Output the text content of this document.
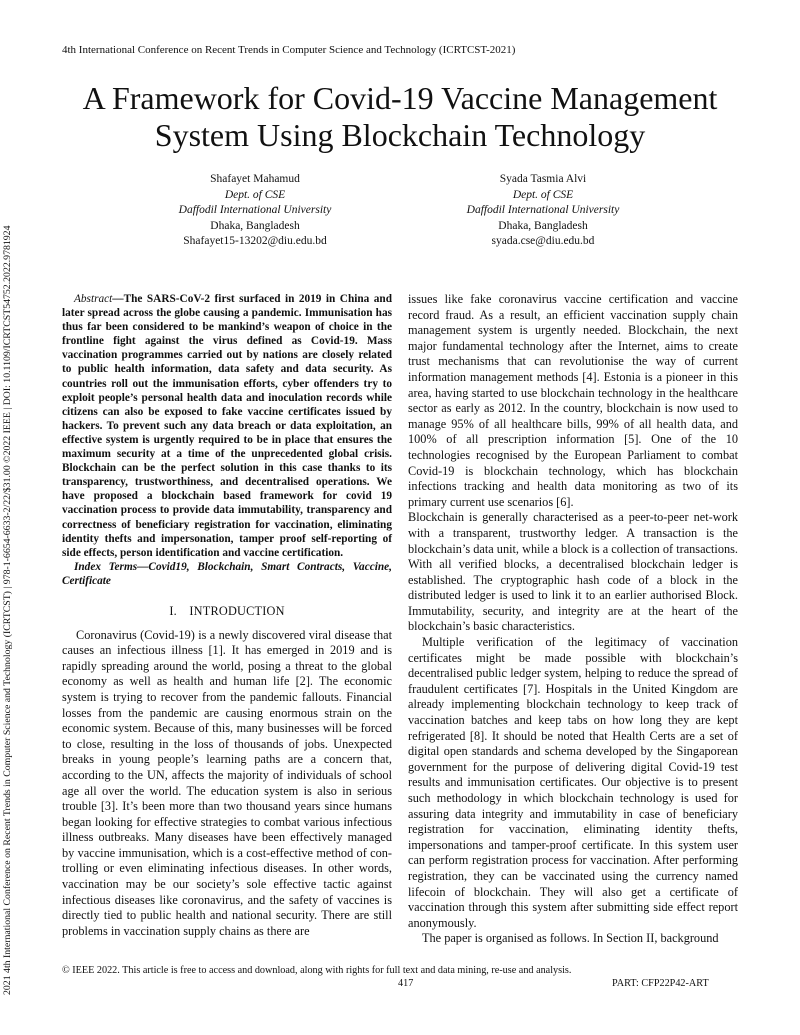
4th International Conference on Recent Trends in Computer Science and Technology (ICRTCST-2021)
2021 4th International Conference on Recent Trends in Computer Science and Technology (ICRTCST) | 978-1-6654-6633-2/22/$31.00 ©2022 IEEE | DOI: 10.1109/ICRTCST54752.2022.9781924
A Framework for Covid-19 Vaccine Management System Using Blockchain Technology
Shafayet Mahamud
Dept. of CSE
Daffodil International University
Dhaka, Bangladesh
Shafayet15-13202@diu.edu.bd
Syada Tasmia Alvi
Dept. of CSE
Daffodil International University
Dhaka, Bangladesh
syada.cse@diu.edu.bd

Abstract—The SARS-CoV-2 first surfaced in 2019 in China and later spread across the globe causing a pandemic. Immunisation has thus far been considered to be mankind’s weapon of choice in the frontline fight against the virus defined as Covid-19. Mass vaccination programmes carried out by nations are closely related to public health information, data safety and data security. As countries roll out the immunisation efforts, cyber offenders try to exploit people’s personal health data and inoculation records while citizens can also be exposed to fake vaccine certificates issued by hackers. To prevent such any data breach or data exploitation, an effective system is urgently required to be in place that ensures the maximum security at a time of the unprecedented global crisis. Blockchain can be the perfect solution in this case thanks to its transparency, trustworthiness, and decentralised operations. We have proposed a blockchain based framework for covid 19 vaccination process to provide data immutability, transparency and correctness of beneficiary registration for vaccination, eliminating identity thefts and impersonation, tamper proof self-reporting of side effects, person identification and vaccine certification.

Index Terms—Covid19, Blockchain, Smart Contracts, Vaccine, Certificate

I. INTRODUCTION

Coronavirus (Covid-19) is a newly discovered viral disease that causes an infectious illness [1]. It has emerged in 2019 and is rapidly spreading around the world, posing a threat to the global economy as well as health and human life [2]. The economic system is trying to recover from the pandemic fallouts. Financial losses from the pandemic are causing enormous strain on the economic system. Because of this, many businesses will be forced to close, resulting in the loss of thousands of jobs. Unexpected breaks in young people’s learning paths are a concern that, according to the UN, affects the majority of individuals of school age all over the world. The education system is also in serious trouble [3]. It’s been more than two thousand years since humans began looking for effective strategies to combat various infectious illness outbreaks. Many diseases have been effectively managed by vaccine immunisation, which is a cost-effective method of con-trolling or even eliminating infectious diseases. In other words, vaccination may be our society’s sole effective tactic against infectious diseases like coronavirus, and the safety of vaccines is directly tied to public health and national security. There are still problems in vaccination supply chains as there are

issues like fake coronavirus vaccine certification and vaccine record fraud. As a result, an efficient vaccination supply chain management system is urgently needed. Blockchain, the next major fundamental technology after the Internet, aims to create trust mechanisms that can revolutionise the way of current information management methods [4]. Estonia is a pioneer in this area, having started to use blockchain technology in the healthcare sector as early as 2012. In the country, blockchain is now used to manage 95% of all healthcare bills, 99% of all health data, and 100% of all prescription information [5]. One of the 10 technologies recognised by the European Parliament to combat Covid-19 is blockchain technology, which has blockchain infections tracking and health data monitoring as two of its primary current use scenarios [6].

Blockchain is generally characterised as a peer-to-peer net-work with a transparent, trustworthy ledger. A transaction is the blockchain’s data unit, while a block is a collection of transactions. With all verified blocks, a decentralised blockchain ledger is established. The cryptographic hash code of a block in the distributed ledger is used to link it to an earlier authorised Block. Immutability, security, and integrity are at the heart of the blockchain’s basic characteristics.

Multiple verification of the legitimacy of vaccination certificates might be made possible with blockchain’s decentralised public ledger system, helping to reduce the spread of fraudulent certificates [7]. Hospitals in the United Kingdom are already implementing blockchain technology to keep track of vaccination batches and keep tabs on how long they are kept refrigerated [8]. It should be noted that Health Certs are a set of digital open standards and schema developed by the Singaporean government for the purpose of delivering digital Covid-19 test results and immunisation certificates. Our objective is to present such methodology in which blockchain technology is used for assuring data integrity and immutability in case of beneficiary registration for vaccination, eliminating identity thefts, impersonations and tamper-proof certificate. In this system user can perform registration process for vaccination. After performing registration, they can be vaccinated using the currency named lifecoin of blockchain. They will also get a certificate of vaccination through this system after submitting side effect report anonymously.

The paper is organised as follows. In Section II, background

© IEEE 2022. This article is free to access and download, along with rights for full text and data mining, re-use and analysis.
417	PART: CFP22P42-ART
